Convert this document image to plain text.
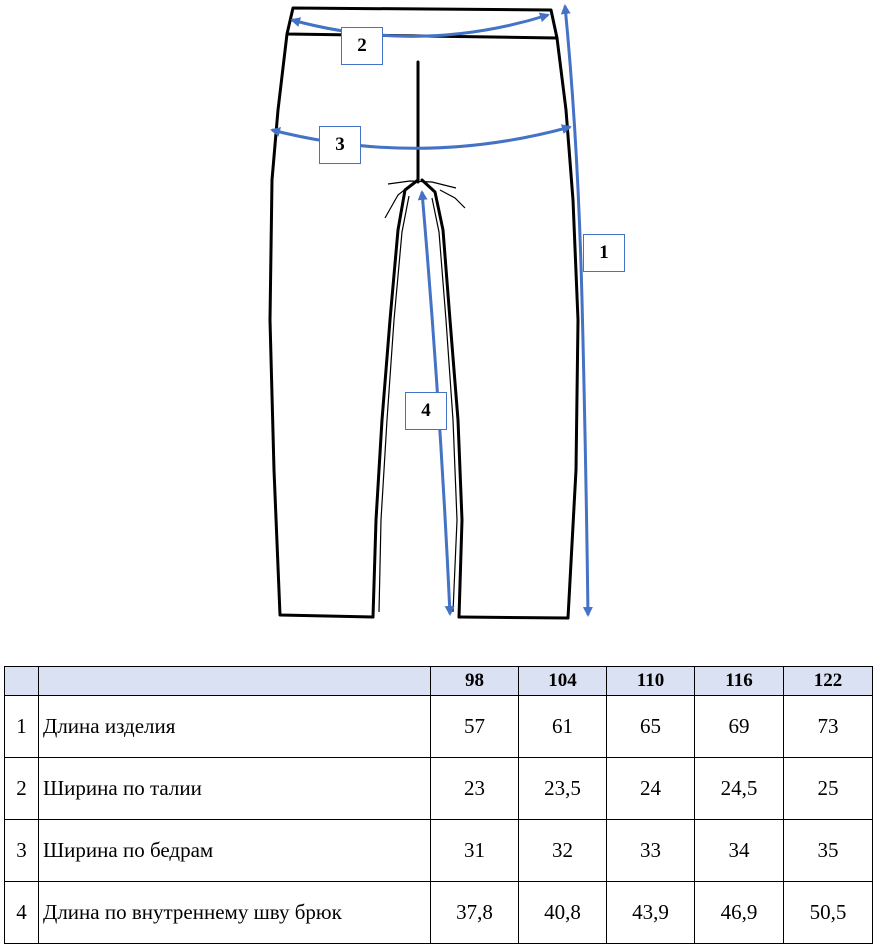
1
2
3
4
		98	104	110	116	122
1	Длина изделия	57	61	65	69	73
2	Ширина по талии	23	23,5	24	24,5	25
3	Ширина по бедрам	31	32	33	34	35
4	Длина по внутреннему шву брюк	37,8	40,8	43,9	46,9	50,5
